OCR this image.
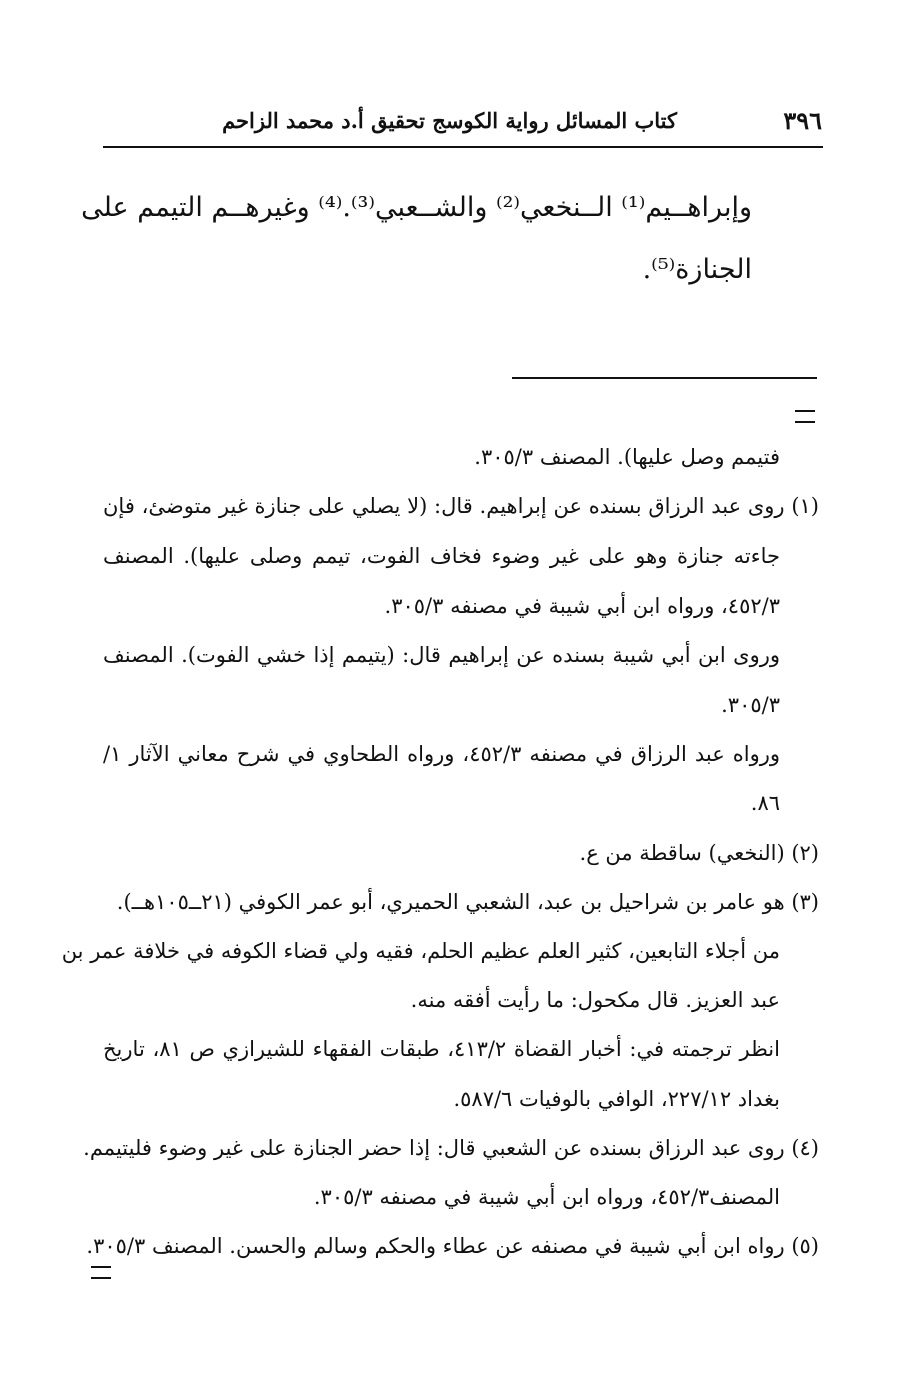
٣٩٦
كتاب المسائل رواية الكوسج تحقيق أ.د محمد الزاحم
وإبراهــيم⁽¹⁾ الــنخعي⁽²⁾ والشــعبي⁽³⁾.⁽⁴⁾ وغيرهــم التيمم على
الجنازة⁽⁵⁾.
فتيمم وصل عليها). المصنف ٣٠٥/٣.
(١) روى عبد الرزاق بسنده عن إبراهيم. قال: (لا يصلي على جنازة غير متوضئ، فإن
جاءته جنازة وهو على غير وضوء فخاف الفوت، تيمم وصلى عليها). المصنف
٤٥٢/٣، ورواه ابن أبي شيبة في مصنفه ٣٠٥/٣.
وروى ابن أبي شيبة بسنده عن إبراهيم قال: (يتيمم إذا خشي الفوت). المصنف
٣٠٥/٣.
ورواه عبد الرزاق في مصنفه ٤٥٢/٣، ورواه الطحاوي في شرح معاني الآثار ١/
٨٦.
(٢) (النخعي) ساقطة من ع.
(٣) هو عامر بن شراحيل بن عبد، الشعبي الحميري، أبو عمر الكوفي (٢١ــ١٠٥هــ).
من أجلاء التابعين، كثير العلم عظيم الحلم، فقيه ولي قضاء الكوفه في خلافة عمر بن
عبد العزيز. قال مكحول: ما رأيت أفقه منه.
انظر ترجمته في: أخبار القضاة ٤١٣/٢، طبقات الفقهاء للشيرازي ص ٨١، تاريخ
بغداد ٢٢٧/١٢، الوافي بالوفيات ٥٨٧/٦.
(٤) روى عبد الرزاق بسنده عن الشعبي قال: إذا حضر الجنازة على غير وضوء فليتيمم.
المصنف٤٥٢/٣، ورواه ابن أبي شيبة في مصنفه ٣٠٥/٣.
(٥) رواه ابن أبي شيبة في مصنفه عن عطاء والحكم وسالم والحسن. المصنف ٣٠٥/٣.
